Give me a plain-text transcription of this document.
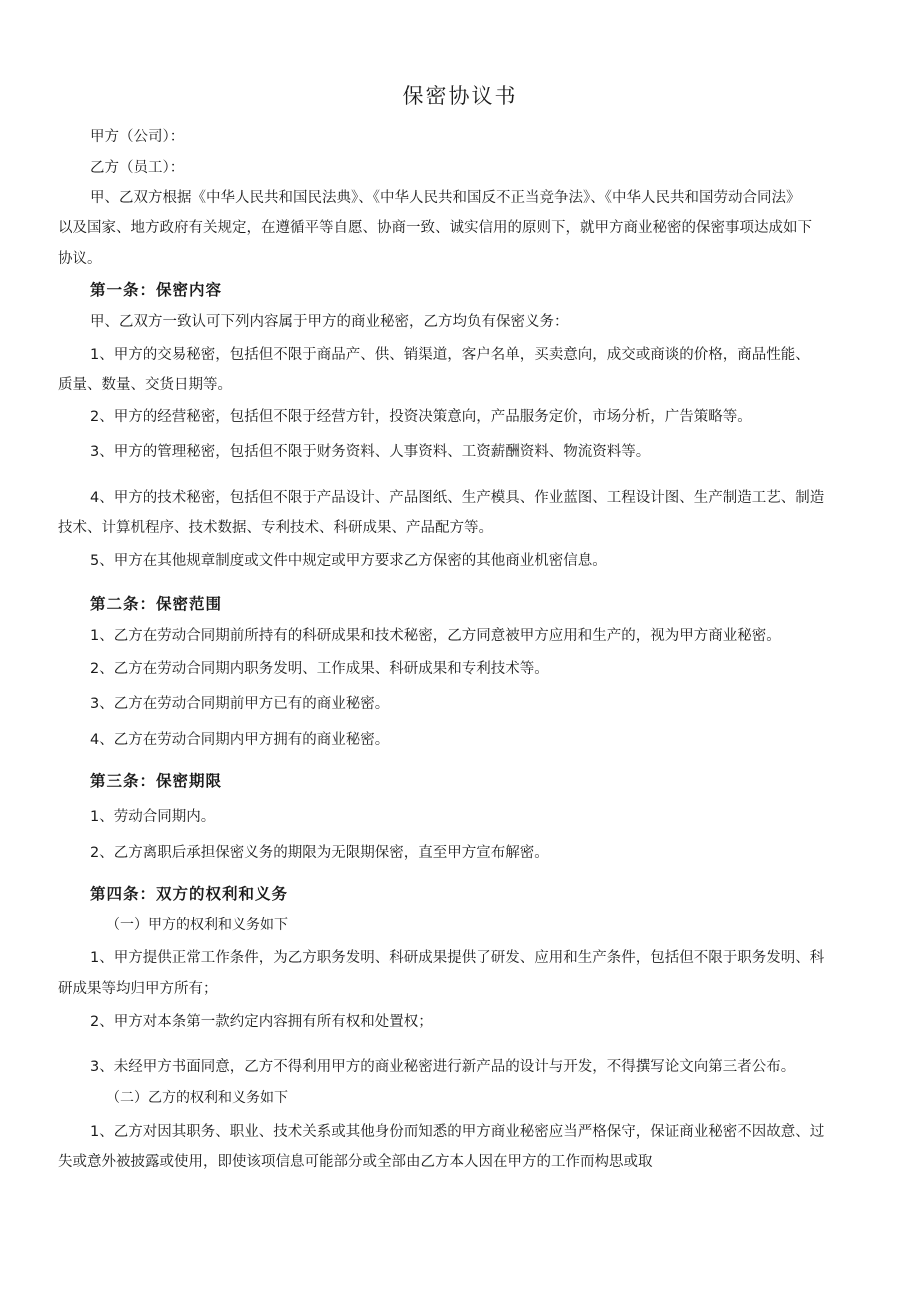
保密协议书
甲方（公司）：
乙方（员工）：
甲、乙双方根据《中华人民共和国民法典》、《中华人民共和国反不正当竞争法》、《中华人民共和国劳动合同法》
以及国家、地方政府有关规定，在遵循平等自愿、协商一致、诚实信用的原则下，就甲方商业秘密的保密事项达成如下
协议。
第一条：保密内容
甲、乙双方一致认可下列内容属于甲方的商业秘密，乙方均负有保密义务：
1、甲方的交易秘密，包括但不限于商品产、供、销渠道，客户名单，买卖意向，成交或商谈的价格，商品性能、
质量、数量、交货日期等。
2、甲方的经营秘密，包括但不限于经营方针，投资决策意向，产品服务定价，市场分析，广告策略等。
3、甲方的管理秘密，包括但不限于财务资料、人事资料、工资薪酬资料、物流资料等。
4、甲方的技术秘密，包括但不限于产品设计、产品图纸、生产模具、作业蓝图、工程设计图、生产制造工艺、制造
技术、计算机程序、技术数据、专利技术、科研成果、产品配方等。
5、甲方在其他规章制度或文件中规定或甲方要求乙方保密的其他商业机密信息。
第二条：保密范围
1、乙方在劳动合同期前所持有的科研成果和技术秘密，乙方同意被甲方应用和生产的，视为甲方商业秘密。
2、乙方在劳动合同期内职务发明、工作成果、科研成果和专利技术等。
3、乙方在劳动合同期前甲方已有的商业秘密。
4、乙方在劳动合同期内甲方拥有的商业秘密。
第三条：保密期限
1、劳动合同期内。
2、乙方离职后承担保密义务的期限为无限期保密，直至甲方宣布解密。
第四条：双方的权利和义务
（一）甲方的权利和义务如下
1、甲方提供正常工作条件，为乙方职务发明、科研成果提供了研发、应用和生产条件，包括但不限于职务发明、科
研成果等均归甲方所有；
2、甲方对本条第一款约定内容拥有所有权和处置权；
3、未经甲方书面同意，乙方不得利用甲方的商业秘密进行新产品的设计与开发，不得撰写论文向第三者公布。
（二）乙方的权利和义务如下
1、乙方对因其职务、职业、技术关系或其他身份而知悉的甲方商业秘密应当严格保守，保证商业秘密不因故意、过
失或意外被披露或使用，即使该项信息可能部分或全部由乙方本人因在甲方的工作而构思或取
